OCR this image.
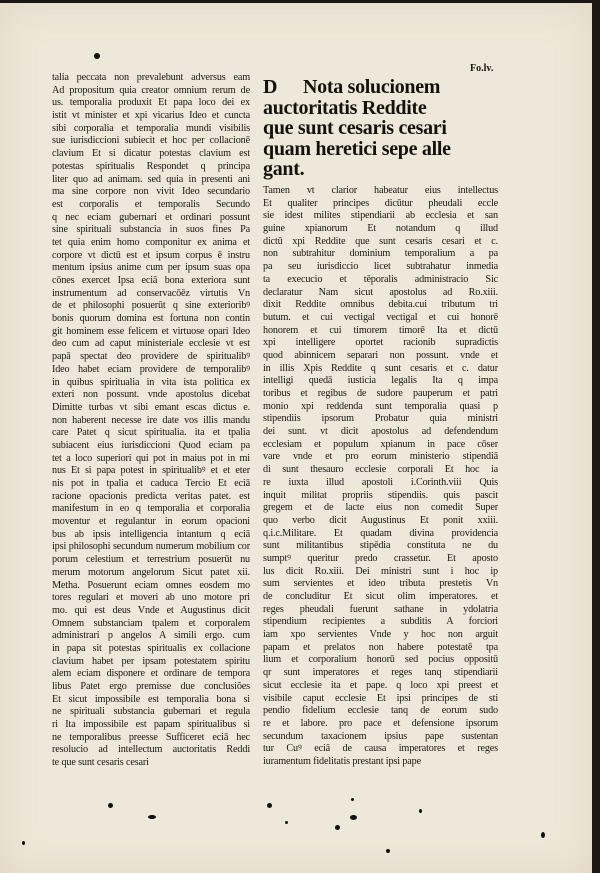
Fo.lv.
D Nota solucionem
auctoritatis Reddite
que sunt cesaris cesari
quam heretici sepe alle
gant.
talia peccata non prevalebunt adversus eam
Ad propositum quia creator omnium rerum de
us. temporalia produxit Et papa loco dei ex
istit vt minister et xpi vicarius Ideo et cuncta
sibi corporalia et temporalia mundi visibilis
sue iurisdiccioni subiecit et hoc per collacionē
clavium Et si dicatur potestas clavium est
potestas spiritualis Respondet q principa
liter quo ad animam. sed quia in presenti ani
ma sine corpore non vivit Ideo secundario
est corporalis et temporalis Secundo
q nec eciam gubernari et ordinari possunt
sine spirituali substancia in suos fines Pa
tet quia enim homo componitur ex anima et
corpore vt dictū est et ipsum corpus ē instru
mentum ipsius anime cum per ipsum suas opa
cōnes exercet Ipsa eciā bona exteriora sunt
instrumentum ad conservacōēz virtutis Vn
de et philosophi posuerūt q sine exterioribꝰ
bonis quorum domina est fortuna non contin
git hominem esse felicem et virtuose opari Ideo
deo cum ad caput ministeriale ecclesie vt est
papā spectat deo providere de spiritualibꝰ
Ideo habet eciam providere de temporalibꝰ
in quibus spiritualia in vita ista politica ex
exteri non possunt. vnde apostolus dicebat
Dimitte turbas vt sibi emant escas dictus e.
non haberent necesse ire date vos illis mandu
care Patet q sicut spiritualia. ita et tpalia
subiacent eius iurisdiccioni Quod eciam pa
tet a loco superiori qui pot in maius pot in mi
nus Et si papa potest in spiritualibꝰ et et eter
nis pot in tpalia et caduca Tercio Et eciā
racione opacionis predicta veritas patet. est
manifestum in eo q temporalia et corporalia
moventur et regulantur in eorum opacioni
bus ab ipsis intelligencia intantum q eciā
ipsi philosophi secundum numerum mobilium cor
porum celestium et terrestrium posuerūt nu
merum motorum angelorum Sicut patet xii.
Metha. Posuerunt eciam omnes eosdem mo
tores regulari et moveri ab uno motore pri
mo. qui est deus Vnde et Augustinus dicit
Omnem substanciam tpalem et corporalem
administrari p angelos A simili ergo. cum
in papa sit potestas spiritualis ex collacione
clavium habet per ipsam potestatem spiritu
alem eciam disponere et ordinare de tempora
libus Patet ergo premisse due conclusiões
Et sicut impossibile est temporalia bona si
ne spirituali substancia gubernari et regula
ri Ita impossibile est papam spiritualibus si
ne temporalibus preesse Sufficeret eciā hec
resolucio ad intellectum auctoritatis Reddi
te que sunt cesaris cesari
Tamen vt clarior habeatur eius intellectus
Et qualiter principes dicūtur pheudali eccle
sie idest milites stipendiarii ab ecclesia et san
guine xpianorum Et notandum q illud
dictū xpi Reddite que sunt cesaris cesari et c.
non subtrahitur dominium temporalium a pa
pa seu iurisdiccio licet subtrahatur inmedia
ta execucio et tēporalis administracio Sic
declaratur Nam sicut apostolus ad Ro.xiii.
dixit Reddite omnibus debita.cui tributum tri
butum. et cui vectigal vectigal et cui honorē
honorem et cui timorem timorē Ita et dictū
xpi intelligere oportet racionib supradictis
quod abinnicem separari non possunt. vnde et
in illis Xpis Reddite q sunt cesaris et c. datur
intelligi quedā iusticia legalis Ita q impa
toribus et regibus de sudore pauperum et patri
monio xpi reddenda sunt temporalia quasi p
stipendiis ipsorum Probatur quia ministri
dei sunt. vt dicit apostolus ad defendendum
ecclesiam et populum xpianum in pace cōser
vare vnde et pro eorum ministerio stipendiā
di sunt thesauro ecclesie corporali Et hoc ia
re iuxta illud apostoli i.Corinth.viii Quis
inquit militat propriis stipendiis. quis pascit
gregem et de lacte eius non comedit Super
quo verbo dicit Augustinus Et ponit xxiii.
q.i.c.Militare. Et quadam divina providencia
sunt militantibus stipēdia constituta ne du
sumptꝰ queritur predo crassetur. Et aposto
lus dicit Ro.xiii. Dei ministri sunt i hoc ip
sum servientes et ideo tributa prestetis Vn
de concluditur Et sicut olim imperatores. et
reges pheudali fuerunt sathane in ydolatria
stipendium recipientes a subditis A forciori
iam xpo servientes Vnde y hoc non arguit
papam et prelatos non habere potestatē tpa
lium et corporalium honorū sed pocius oppositū
qr sunt imperatores et reges tanq stipendiarii
sicut ecclesie ita et pape. q loco xpi preest et
visibile caput ecclesie Et ipsi principes de sti
pendio fidelium ecclesie tanq de eorum sudo
re et labore. pro pace et defensione ipsorum
secundum taxacionem ipsius pape sustentan
tur Cuꝰ eciā de causa imperatores et reges
iuramentum fidelitatis prestant ipsi pape
